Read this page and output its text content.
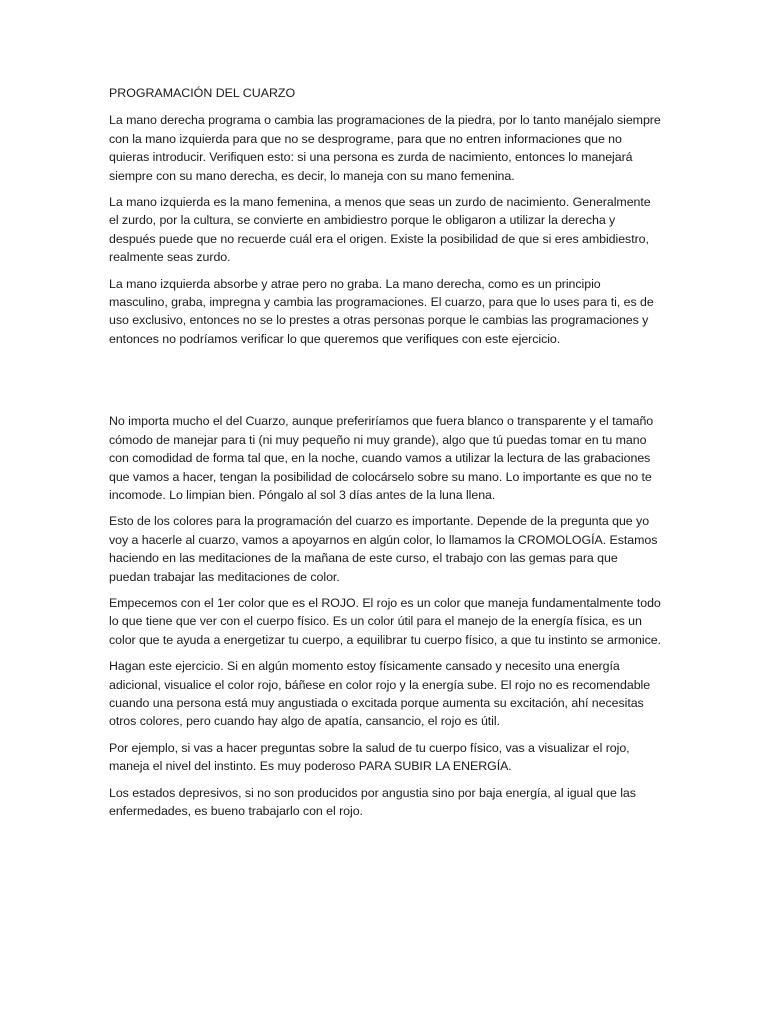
PROGRAMACIÓN DEL CUARZO

La mano derecha programa o cambia las programaciones de la piedra, por lo tanto manéjalo siempre con la mano izquierda para que no se desprograme, para que no entren informaciones que no quieras introducir. Verifiquen esto: si una persona es zurda de nacimiento, entonces lo manejará siempre con su mano derecha, es decir, lo maneja con su mano femenina.

La mano izquierda es la mano femenina, a menos que seas un zurdo de nacimiento. Generalmente el zurdo, por la cultura, se convierte en ambidiestro porque le obligaron a utilizar la derecha y después puede que no recuerde cuál era el origen. Existe la posibilidad de que si eres ambidiestro, realmente seas zurdo.

La mano izquierda absorbe y atrae pero no graba. La mano derecha, como es un principio masculino, graba, impregna y cambia las programaciones. El cuarzo, para que lo uses para ti, es de uso exclusivo, entonces no se lo prestes a otras personas porque le cambias las programaciones y entonces no podríamos verificar lo que queremos que verifiques con este ejercicio.

No importa mucho el del Cuarzo, aunque preferiríamos que fuera blanco o transparente y el tamaño cómodo de manejar para ti (ni muy pequeño ni muy grande), algo que tú puedas tomar en tu mano con comodidad de forma tal que, en la noche, cuando vamos a utilizar la lectura de las grabaciones que vamos a hacer, tengan la posibilidad de colocárselo sobre su mano. Lo importante es que no te incomode. Lo limpian bien. Póngalo al sol 3 días antes de la luna llena.

Esto de los colores para la programación del cuarzo es importante. Depende de la pregunta que yo voy a hacerle al cuarzo, vamos a apoyarnos en algún color, lo llamamos la CROMOLOGÍA. Estamos haciendo en las meditaciones de la mañana de este curso, el trabajo con las gemas para que puedan trabajar las meditaciones de color.

Empecemos con el 1er color que es el ROJO. El rojo es un color que maneja fundamentalmente todo lo que tiene que ver con el cuerpo físico. Es un color útil para el manejo de la energía física, es un color que te ayuda a energetizar tu cuerpo, a equilibrar tu cuerpo físico, a que tu instinto se armonice.

Hagan este ejercicio. Si en algún momento estoy físicamente cansado y necesito una energía adicional, visualice el color rojo, báñese en color rojo y la energía sube. El rojo no es recomendable cuando una persona está muy angustiada o excitada porque aumenta su excitación, ahí necesitas otros colores, pero cuando hay algo de apatía, cansancio, el rojo es útil.

Por ejemplo, si vas a hacer preguntas sobre la salud de tu cuerpo físico, vas a visualizar el rojo, maneja el nivel del instinto. Es muy poderoso PARA SUBIR LA ENERGÍA.

Los estados depresivos, si no son producidos por angustia sino por baja energía, al igual que las enfermedades, es bueno trabajarlo con el rojo.
